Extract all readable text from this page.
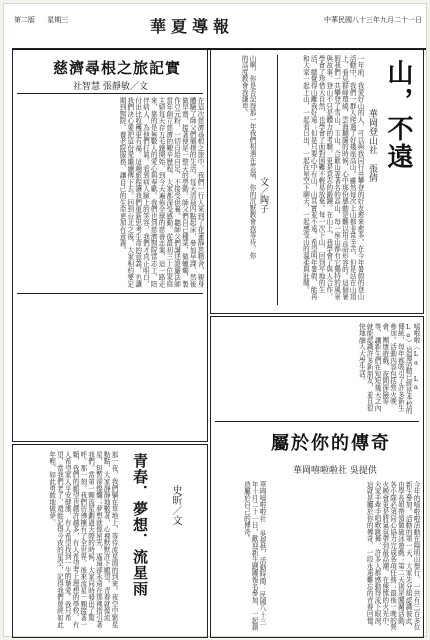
第二版 星期三	華夏導報	中華民國八十三年九月二十一日
山，不遠
華岡登山社 張倩
一年前，我愛好山的人，可以與我同行共攀登的好友愈來愈多。在今年暑假的登山活動中，我們一群人爬過了好幾座高山。雖然每次上山都非常辛苦，但是站在山頂上，看見群峰環繞，雲海翻騰的時候，心中那份感動是難以用言語形容的。這個暑假我們一共攀登了雪山、玉山、合歡山等著名的高山，每一座山都有它獨特的風景與故事。登山不只是體力的考驗，更是意志的鍛鍊。在山上，我學會了與人合作，學會了珍惜大自然，也學會了面對困難不輕易放棄。每一次下山，回到平地的生活，總覺得山離我好遠；但是只要心中有山，山其實並不遠。希望明年暑假，能再和大家一起上山，一起看日出，一起在星空下聊天，一起感受山的溫柔與壯闊。
山啊，你是否記得那一年我們相遇在雲端，你的沉默教會我等待，你的高度教會我謙卑。
文／陶子
慈濟尋根之旅記實
社智慧 張靜敏／文
在這次慈濟尋根之旅中，我們一行人來到了花蓮靜思精舍，親身體驗了師父們簡樸的生活。每天清晨四點起床，參加早課，然後做早齋，接著便是一整天的勞動。師父們自己種菜、做蠟燭、製作豆元粉，一切自給自足，不接受供養。聽師父們講述證嚴法師當年創立慈濟的艱辛歷程，大家都深受感動。從最初三十位家庭主婦每天存五毛錢開始，到今天遍佈全球的慈善志業，這一路走來，靠的是無數人的愛心與奉獻。我們也到慈濟醫院當志工，陪伴病人，為他們打氣。看到病人臉上的笑容，我們才真正明白，付出比收穫更有福。這趟旅程讓我們重新思考生命的意義，也讓我們決心要把這份愛繼續傳下去。回到台北之後，大家相約要定期到醫院、養老院服務，讓自己的生命更加有意義。
青春．夢想．流星雨 史昕／文
那一夜，我們躺在草地上，等待流星雨的到來。夜空中繁星點點，大家靜靜地數著，心裡默默許下願望。青春就像流星，短暫卻燦爛；夢想就像星光，遙遠卻永遠在那裡指引著我們。當第一顆流星劃過天際的時候，大家同時發出了驚呼，那一刻，我們彷彿擁有了全世界。後來流星一顆接著一顆，我們的願望也越許越多，有人希望考上理想的學校，有人希望家人平安健康，有人希望找到一生的摯愛。我只希望，當我們老了，還能記得今夜的星空，記得我們曾經如此年輕，如此勇敢地做夢。
嘻啦啦（La La La）這個活動已經是本校的傳統，每年都吸引了許多新生參加。活動內容包括營火晚會、團康遊戲、夜間探險等等，讓新生們在短短幾天之內就能認識許多新朋友，並且很快地融入大學生活。
屬於你的傳奇
華岡嘻啦啦社 吳提供
今年的嘻啦啦活動在陽明山舉行，一共有三百多位新生參加。活動的第一天，大家先分組認識彼此，由學長姐帶領做破冰遊戲；第二天則是闖關活動，各小隊必須同心協力完成各項任務；最後一晚的營火晚會更是將氣氛帶到最高潮。在熊熊的火光中，大家手牽手唱歌跳舞，許多人都感動得流下眼淚。這就是屬於你的傳奇，一段永遠難忘的青春回憶。
華岡嘻啦啦社 吳提供，活動時間：民國八十三年十月二十一日，歡迎新生踴躍報名參加，一起創造屬於自己的傳奇。
